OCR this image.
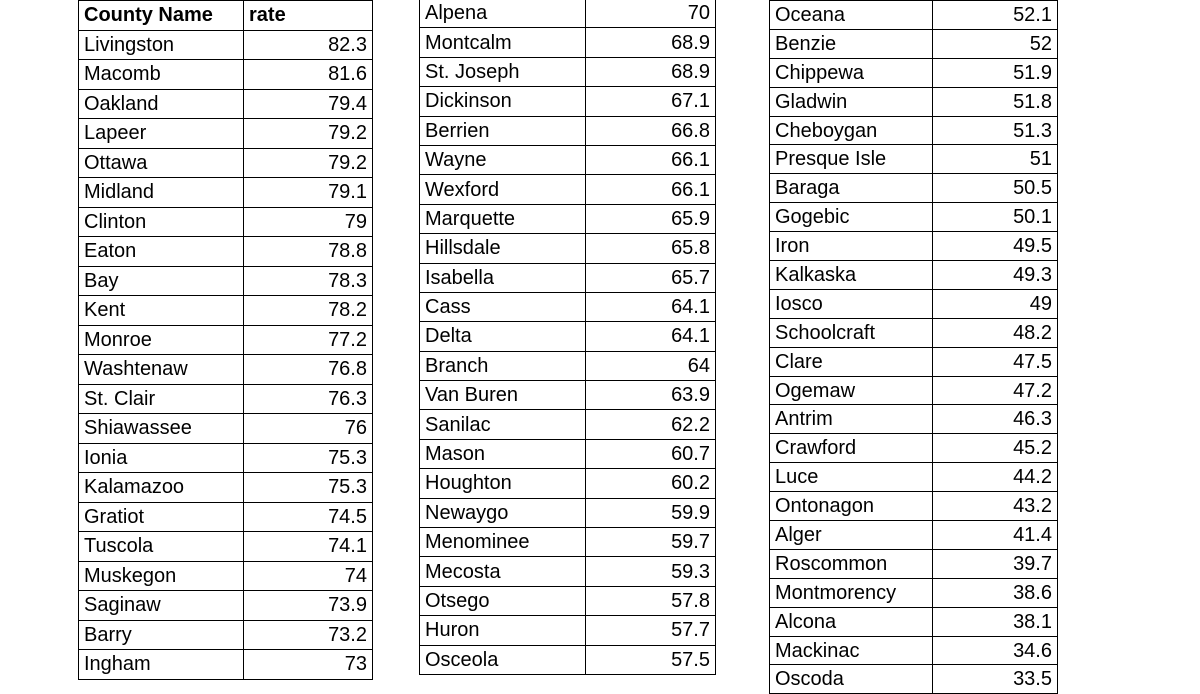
County Name	rate
Livingston	82.3
Macomb	81.6
Oakland	79.4
Lapeer	79.2
Ottawa	79.2
Midland	79.1
Clinton	79
Eaton	78.8
Bay	78.3
Kent	78.2
Monroe	77.2
Washtenaw	76.8
St. Clair	76.3
Shiawassee	76
Ionia	75.3
Kalamazoo	75.3
Gratiot	74.5
Tuscola	74.1
Muskegon	74
Saginaw	73.9
Barry	73.2
Ingham	73
Alpena	70
Montcalm	68.9
St. Joseph	68.9
Dickinson	67.1
Berrien	66.8
Wayne	66.1
Wexford	66.1
Marquette	65.9
Hillsdale	65.8
Isabella	65.7
Cass	64.1
Delta	64.1
Branch	64
Van Buren	63.9
Sanilac	62.2
Mason	60.7
Houghton	60.2
Newaygo	59.9
Menominee	59.7
Mecosta	59.3
Otsego	57.8
Huron	57.7
Osceola	57.5
Oceana	52.1
Benzie	52
Chippewa	51.9
Gladwin	51.8
Cheboygan	51.3
Presque Isle	51
Baraga	50.5
Gogebic	50.1
Iron	49.5
Kalkaska	49.3
Iosco	49
Schoolcraft	48.2
Clare	47.5
Ogemaw	47.2
Antrim	46.3
Crawford	45.2
Luce	44.2
Ontonagon	43.2
Alger	41.4
Roscommon	39.7
Montmorency	38.6
Alcona	38.1
Mackinac	34.6
Oscoda	33.5
